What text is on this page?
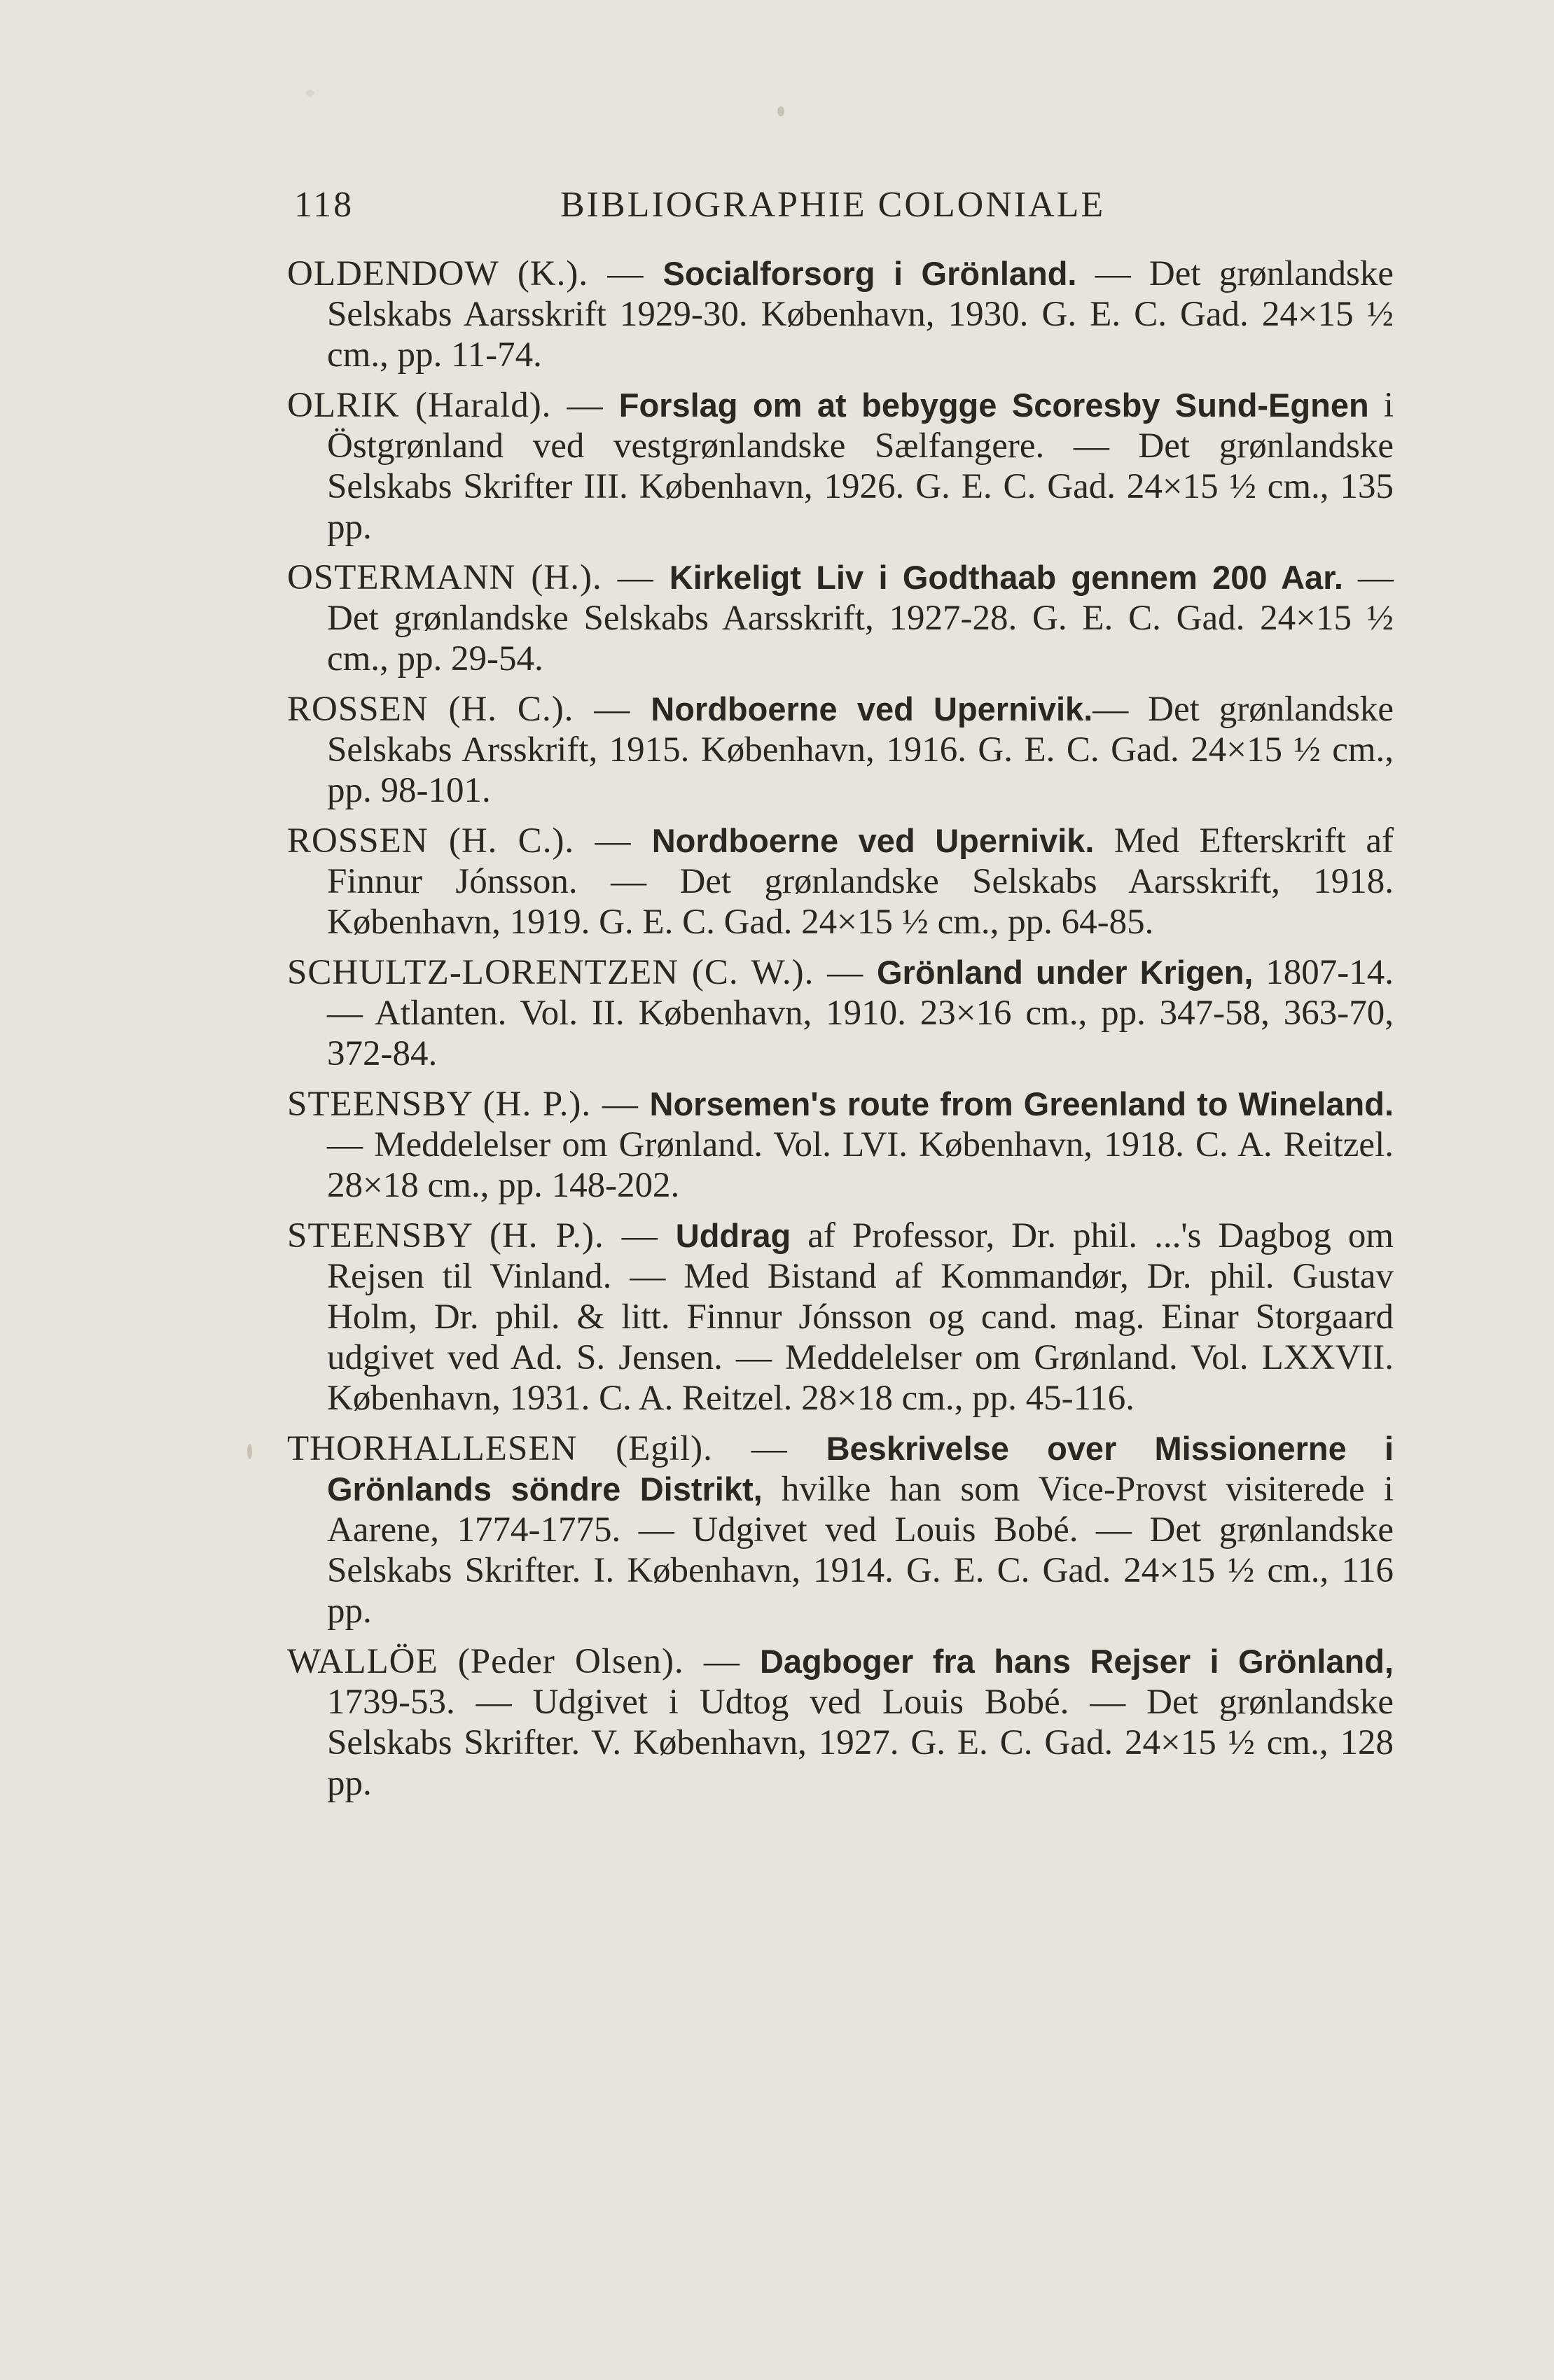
118	BIBLIOGRAPHIE COLONIALE

OLDENDOW (K.). — Socialforsorg i Grönland. — Det grønlandske Selskabs Aarsskrift 1929-30. København, 1930. G. E. C. Gad. 24×15 ½ cm., pp. 11-74.

OLRIK (Harald). — Forslag om at bebygge Scoresby Sund-Egnen i Östgrønland ved vestgrønlandske Sælfangere. — Det grønlandske Selskabs Skrifter III. København, 1926. G. E. C. Gad. 24×15 ½ cm., 135 pp.

OSTERMANN (H.). — Kirkeligt Liv i Godthaab gennem 200 Aar. — Det grønlandske Selskabs Aarsskrift, 1927-28. G. E. C. Gad. 24×15 ½ cm., pp. 29-54.

ROSSEN (H. C.). — Nordboerne ved Upernivik.— Det grønlandske Selskabs Arsskrift, 1915. København, 1916. G. E. C. Gad. 24×15 ½ cm., pp. 98-101.

ROSSEN (H. C.). — Nordboerne ved Upernivik. Med Efterskrift af Finnur Jónsson. — Det grønlandske Selskabs Aarsskrift, 1918. København, 1919. G. E. C. Gad. 24×15 ½ cm., pp. 64-85.

SCHULTZ-LORENTZEN (C. W.). — Grönland under Krigen, 1807-14. — Atlanten. Vol. II. København, 1910. 23×16 cm., pp. 347-58, 363-70, 372-84.

STEENSBY (H. P.). — Norsemen's route from Greenland to Wineland. — Meddelelser om Grønland. Vol. LVI. København, 1918. C. A. Reitzel. 28×18 cm., pp. 148-202.

STEENSBY (H. P.). — Uddrag af Professor, Dr. phil. ...'s Dagbog om Rejsen til Vinland. — Med Bistand af Kommandør, Dr. phil. Gustav Holm, Dr. phil. & litt. Finnur Jónsson og cand. mag. Einar Storgaard udgivet ved Ad. S. Jensen. — Meddelelser om Grønland. Vol. LXXVII. København, 1931. C. A. Reitzel. 28×18 cm., pp. 45-116.

THORHALLESEN (Egil). — Beskrivelse over Missionerne i Grönlands söndre Distrikt, hvilke han som Vice-Provst visiterede i Aarene, 1774-1775. — Udgivet ved Louis Bobé. — Det grønlandske Selskabs Skrifter. I. København, 1914. G. E. C. Gad. 24×15 ½ cm., 116 pp.

WALLÖE (Peder Olsen). — Dagboger fra hans Rejser i Grönland, 1739-53. — Udgivet i Udtog ved Louis Bobé. — Det grønlandske Selskabs Skrifter. V. København, 1927. G. E. C. Gad. 24×15 ½ cm., 128 pp.
